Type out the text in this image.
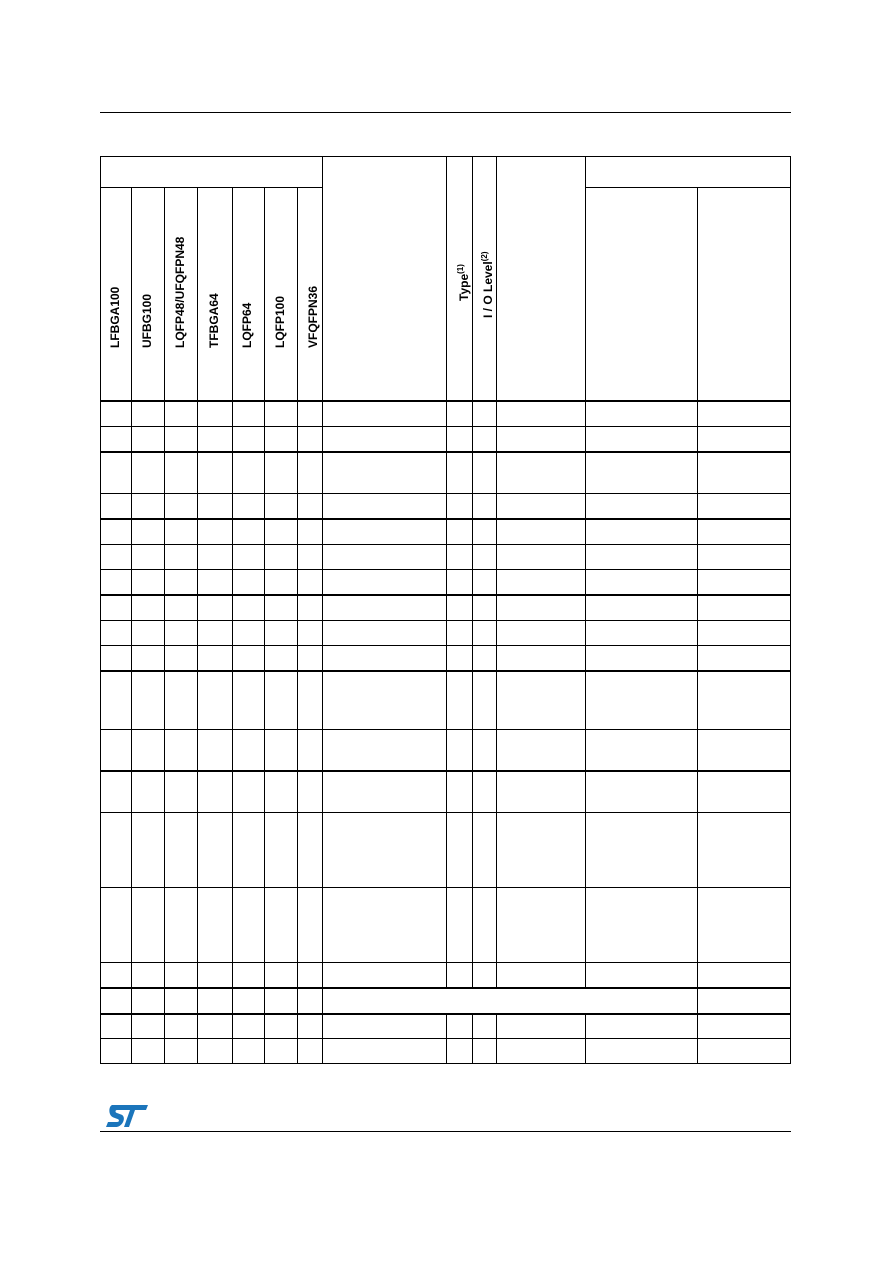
LFBGA100 UFBG100 LQFP48/UFQFPN48 TFBGA64 LQFP64 LQFP100 VFQFPN36	Type$^{(1)}$	I / O Level$^{(2)}$
